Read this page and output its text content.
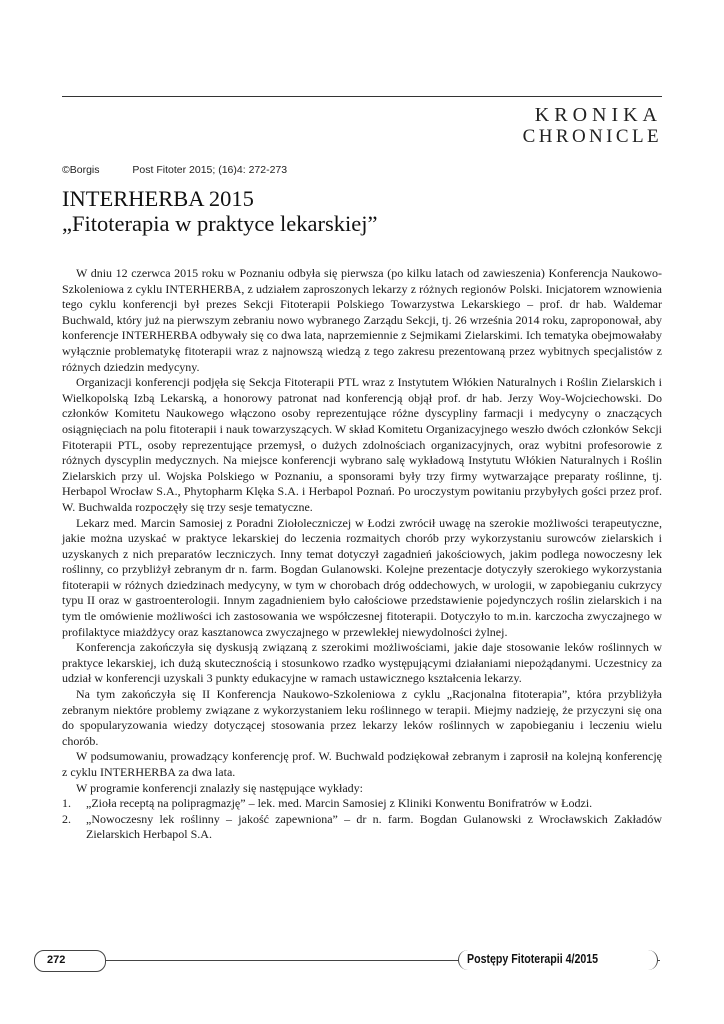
KRONIKA
CHRONICLE
©Borgis	Post Fitoter 2015; (16)4: 272-273
INTERHERBA 2015
„Fitoterapia w praktyce lekarskiej”

W dniu 12 czerwca 2015 roku w Poznaniu odbyła się pierwsza (po kilku latach od zawieszenia) Konferencja Naukowo-Szkoleniowa z cyklu INTERHERBA, z udziałem zaproszonych lekarzy z różnych regionów Polski. Inicjatorem wznowienia tego cyklu konferencji był prezes Sekcji Fitoterapii Polskiego Towarzystwa Lekarskiego – prof. dr hab. Waldemar Buchwald, który już na pierwszym zebraniu nowo wybranego Zarządu Sekcji, tj. 26 września 2014 roku, zaproponował, aby konferencje INTERHERBA odbywały się co dwa lata, naprzemiennie z Sejmikami Zielarskimi. Ich tematyka obejmowałaby wyłącznie problematykę fitoterapii wraz z najnowszą wiedzą z tego zakresu prezentowaną przez wybitnych specjalistów z różnych dziedzin medycyny.

Organizacji konferencji podjęła się Sekcja Fitoterapii PTL wraz z Instytutem Włókien Naturalnych i Roślin Zielarskich i Wielkopolską Izbą Lekarską, a honorowy patronat nad konferencją objął prof. dr hab. Jerzy Woy-Wojciechowski. Do członków Komitetu Naukowego włączono osoby reprezentujące różne dyscypliny farmacji i medycyny o znaczących osiągnięciach na polu fitoterapii i nauk towarzyszących. W skład Komitetu Organizacyjnego weszło dwóch członków Sekcji Fitoterapii PTL, osoby reprezentujące przemysł, o dużych zdolnościach organizacyjnych, oraz wybitni profesorowie z różnych dyscyplin medycznych. Na miejsce konferencji wybrano salę wykładową Instytutu Włókien Naturalnych i Roślin Zielarskich przy ul. Wojska Polskiego w Poznaniu, a sponsorami były trzy firmy wytwarzające preparaty roślinne, tj. Herbapol Wrocław S.A., Phytopharm Klęka S.A. i Herbapol Poznań. Po uroczystym powitaniu przybyłych gości przez prof. W. Buchwalda rozpoczęły się trzy sesje tematyczne.

Lekarz med. Marcin Samosiej z Poradni Ziołoleczniczej w Łodzi zwrócił uwagę na szerokie możliwości terapeutyczne, jakie można uzyskać w praktyce lekarskiej do leczenia rozmaitych chorób przy wykorzystaniu surowców zielarskich i uzyskanych z nich preparatów leczniczych. Inny temat dotyczył zagadnień jakościowych, jakim podlega nowoczesny lek roślinny, co przybliżył zebranym dr n. farm. Bogdan Gulanowski. Kolejne prezentacje dotyczyły szerokiego wykorzystania fitoterapii w różnych dziedzinach medycyny, w tym w chorobach dróg oddechowych, w urologii, w zapobieganiu cukrzycy typu II oraz w gastroenterologii. Innym zagadnieniem było całościowe przedstawienie pojedynczych roślin zielarskich i na tym tle omówienie możliwości ich zastosowania we współczesnej fitoterapii. Dotyczyło to m.in. karczocha zwyczajnego w profilaktyce miażdżycy oraz kasztanowca zwyczajnego w przewlekłej niewydolności żylnej.

Konferencja zakończyła się dyskusją związaną z szerokimi możliwościami, jakie daje stosowanie leków roślinnych w praktyce lekarskiej, ich dużą skutecznością i stosunkowo rzadko występującymi działaniami niepożądanymi. Uczestnicy za udział w konferencji uzyskali 3 punkty edukacyjne w ramach ustawicznego kształcenia lekarzy.

Na tym zakończyła się II Konferencja Naukowo-Szkoleniowa z cyklu „Racjonalna fitoterapia”, która przybliżyła zebranym niektóre problemy związane z wykorzystaniem leku roślinnego w terapii. Miejmy nadzieję, że przyczyni się ona do spopularyzowania wiedzy dotyczącej stosowania przez lekarzy leków roślinnych w zapobieganiu i leczeniu wielu chorób.

W podsumowaniu, prowadzący konferencję prof. W. Buchwald podziękował zebranym i zaprosił na kolejną konferencję z cyklu INTERHERBA za dwa lata.

W programie konferencji znalazły się następujące wykłady:

1.	„Zioła receptą na polipragmazję” – lek. med. Marcin Samosiej z Kliniki Konwentu Bonifratrów w Łodzi.
2.	„Nowoczesny lek roślinny – jakość zapewniona” – dr n. farm. Bogdan Gulanowski z Wrocławskich Zakładów Zielarskich Herbapol S.A.
272	Postępy Fitoterapii 4/2015
